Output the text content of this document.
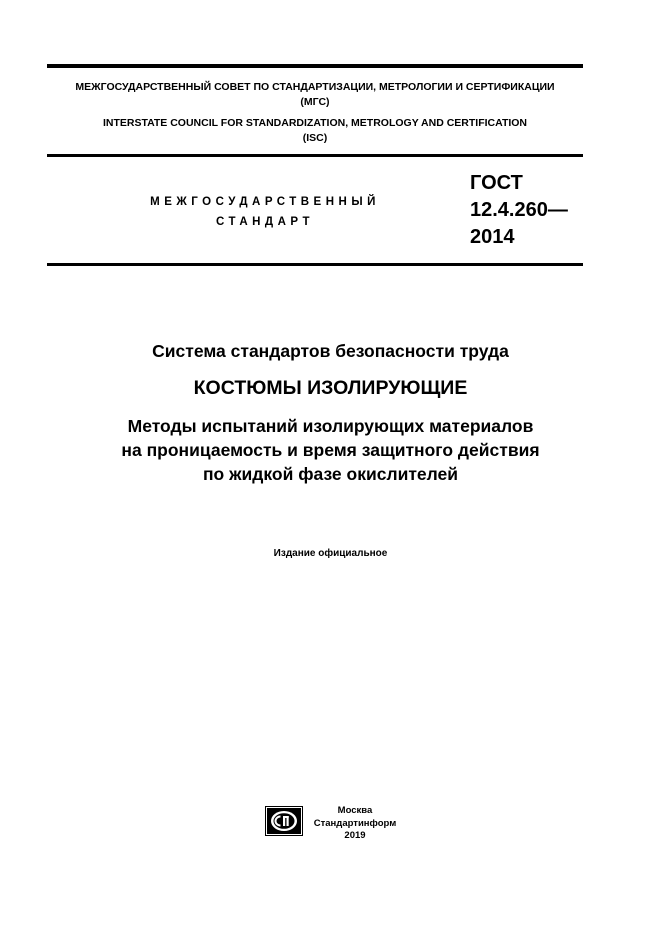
МЕЖГОСУДАРСТВЕННЫЙ СОВЕТ ПО СТАНДАРТИЗАЦИИ, МЕТРОЛОГИИ И СЕРТИФИКАЦИИ
(МГС)
INTERSTATE COUNCIL FOR STANDARDIZATION, METROLOGY AND CERTIFICATION
(ISC)
МЕЖГОСУДАРСТВЕННЫЙ
СТАНДАРТ
ГОСТ
12.4.260—
2014
Система стандартов безопасности труда
КОСТЮМЫ ИЗОЛИРУЮЩИЕ
Методы испытаний изолирующих материалов
на проницаемость и время защитного действия
по жидкой фазе окислителей
Издание официальное
Москва
Стандартинформ
2019
